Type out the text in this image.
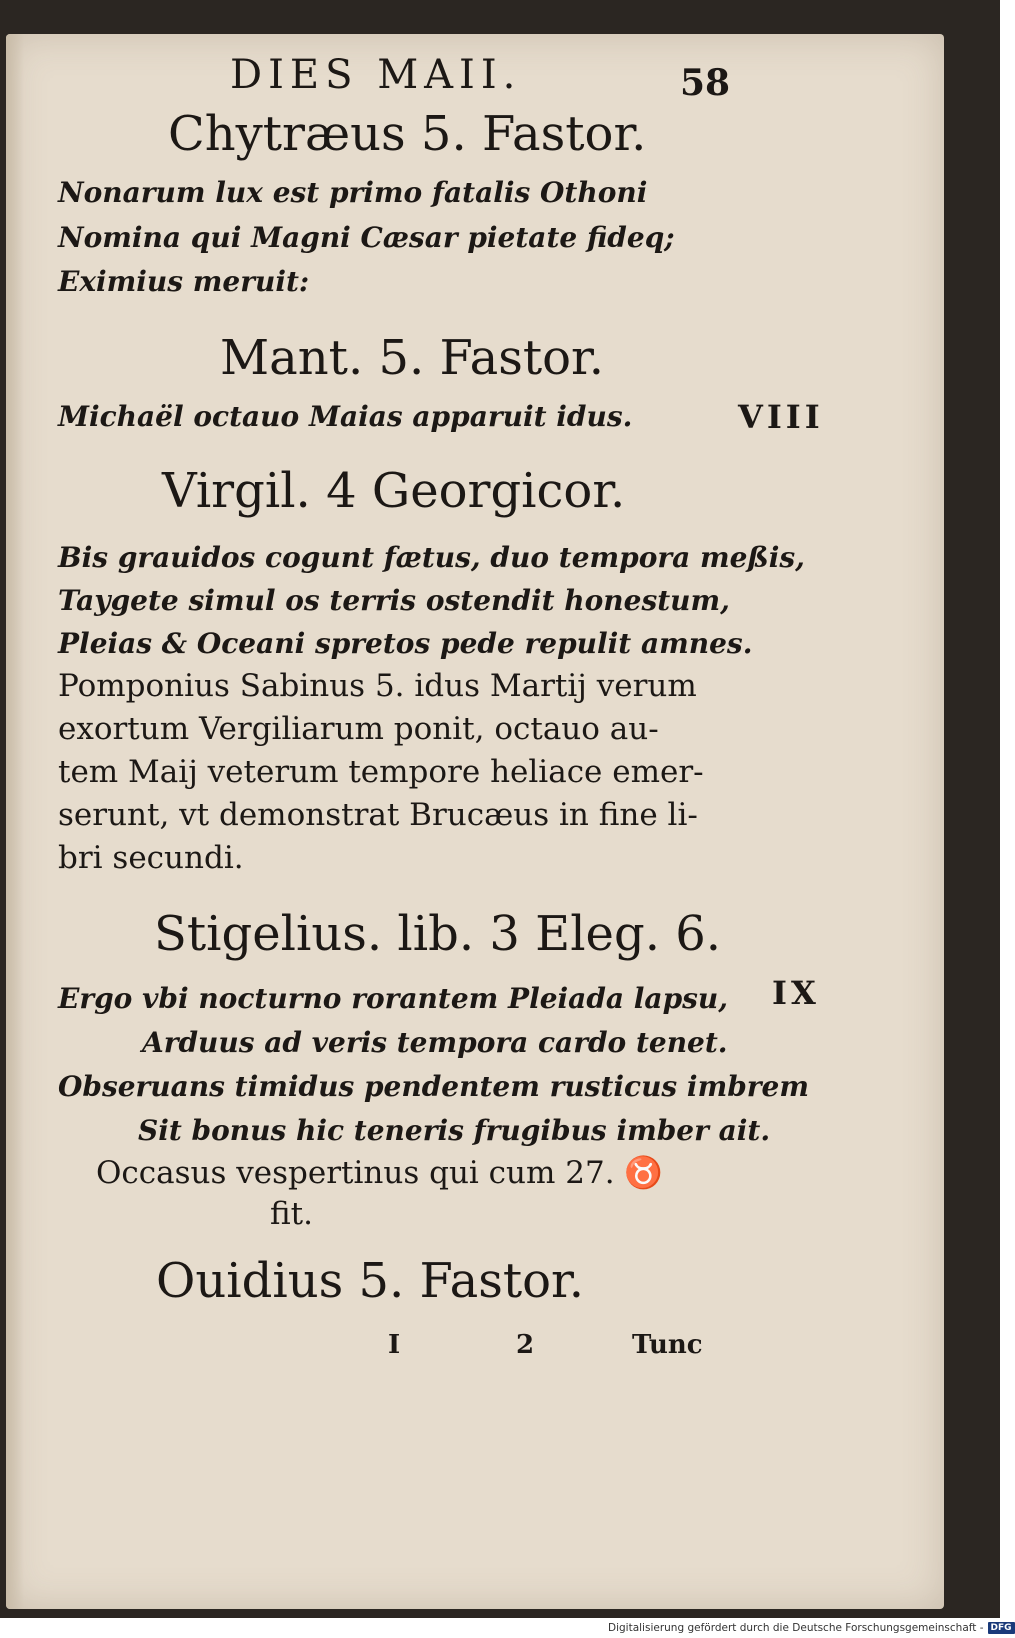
DIES MAII.	58
Chytræus 5. Fastor.
Nonarum lux est primo fatalis Othoni
Nomina qui Magni Cæsar pietate fideq;
Eximius meruit:
Mant. 5. Fastor.
Michaël octauo Maias apparuit idus.	VIII
Virgil. 4 Georgicor.
Bis grauidos cogunt fætus, duo tempora meßis,
Taygete simul os terris ostendit honestum,
Pleias & Oceani spretos pede repulit amnes.
Pomponius Sabinus 5. idus Martij verum
exortum Vergiliarum ponit, octauo au-
tem Maij veterum tempore heliace emer-
serunt, vt demonstrat Brucæus in fine li-
bri secundi.
Stigelius. lib. 3 Eleg. 6.
Ergo vbi nocturno rorantem Pleiada lapsu, IX
Arduus ad veris tempora cardo tenet.
Obseruans timidus pendentem rusticus imbrem
Sit bonus hic teneris frugibus imber ait.
Occasus vespertinus qui cum 27. ♉
fit.
Ouidius 5. Fastor.
I	2	Tunc
Digitalisierung gefördert durch die Deutsche Forschungsgemeinschaft - DFG
